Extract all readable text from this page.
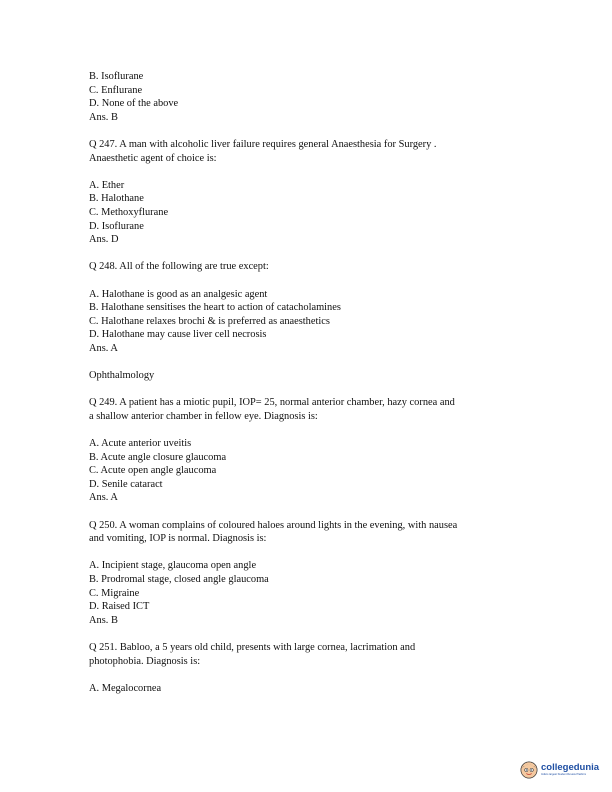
B. Isoflurane
C. Enflurane
D. None of the above
Ans. B
Q 247. A man with alcoholic liver failure requires general Anaesthesia for Surgery .
Anaesthetic agent of choice is:
A. Ether
B. Halothane
C. Methoxyflurane
D. Isoflurane
Ans. D
Q 248. All of the following are true except:
A. Halothane is good as an analgesic agent
B. Halothane sensitises the heart to action of catacholamines
C. Halothane relaxes brochi & is preferred as anaesthetics
D. Halothane may cause liver cell necrosis
Ans. A
Ophthalmology
Q 249. A patient has a miotic pupil, IOP= 25, normal anterior chamber, hazy cornea and
a shallow anterior chamber in fellow eye. Diagnosis is:
A. Acute anterior uveitis
B. Acute angle closure glaucoma
C. Acute open angle glaucoma
D. Senile cataract
Ans. A
Q 250. A woman complains of coloured haloes around lights in the evening, with nausea
and vomiting, IOP is normal. Diagnosis is:
A. Incipient stage, glaucoma open angle
B. Prodromal stage, closed angle glaucoma
C. Migraine
D. Raised ICT
Ans. B
Q 251. Babloo, a 5 years old child, presents with large cornea, lacrimation and
photophobia. Diagnosis is:
A. Megalocornea
collegedunia
India's largest Student Review Platform
